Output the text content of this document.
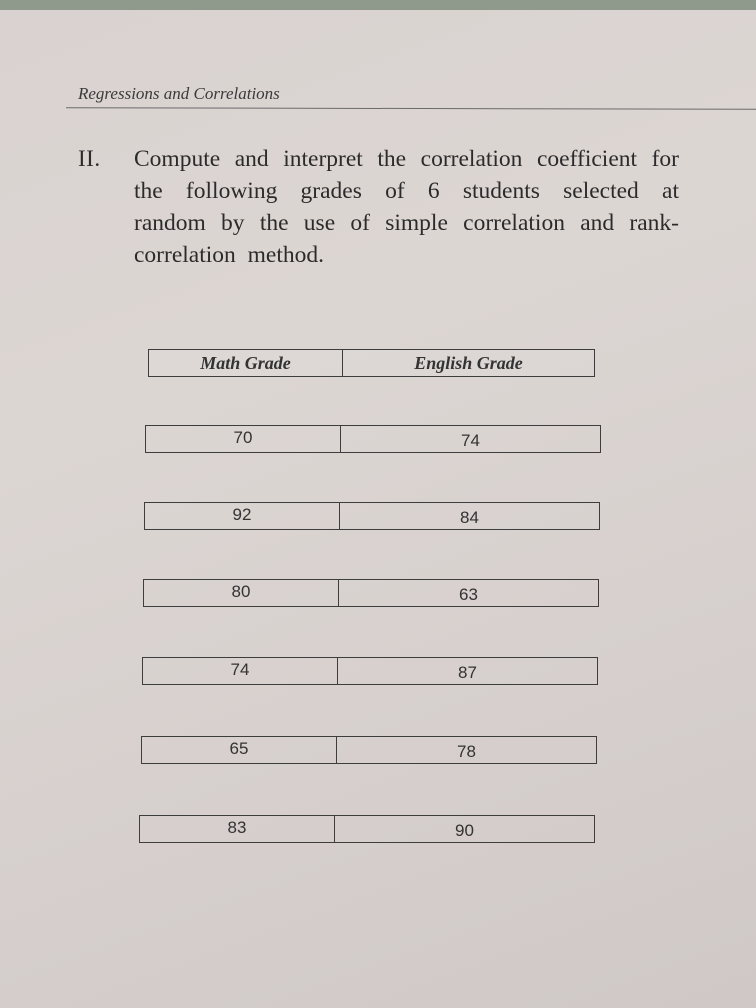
Regressions and Correlations
II. Compute and interpret the correlation coefficient for the following grades of 6 students selected at random by the use of simple correlation and rank-correlation method.
Math Grade	English Grade
70	74
92	84
80	63
74	87
65	78
83	90
